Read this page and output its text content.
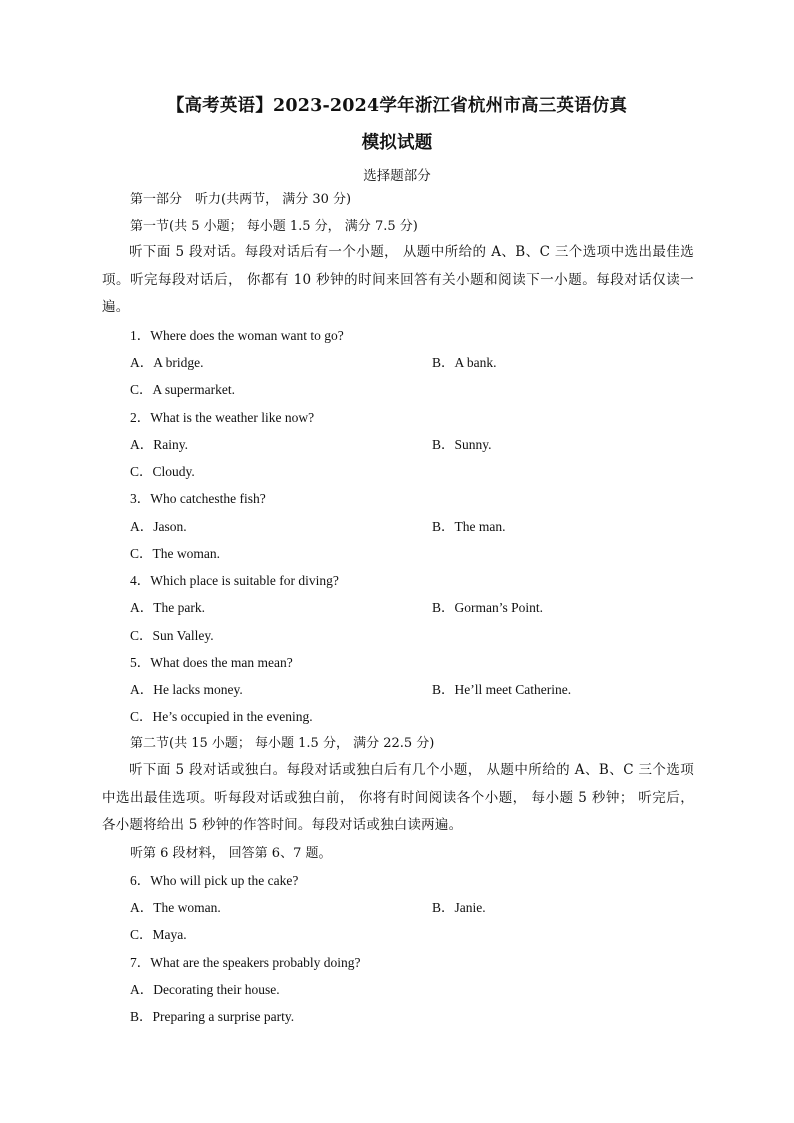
【高考英语】2023-2024学年浙江省杭州市高三英语仿真
模拟试题
选择题部分
第一部分　听力(共两节， 满分 30 分)
第一节(共 5 小题； 每小题 1.5 分， 满分 7.5 分)
听下面 5 段对话。每段对话后有一个小题， 从题中所给的 A、B、C 三个选项中选出最佳选项。听完每段对话后， 你都有 10 秒钟的时间来回答有关小题和阅读下一小题。每段对话仅读一遍。
1．Where does the woman want to go?
A．A bridge.	B．A bank.
C．A supermarket.
2．What is the weather like now?
A．Rainy.	B．Sunny.
C．Cloudy.
3．Who catchesthe fish?
A．Jason.	B．The man.
C．The woman.
4．Which place is suitable for diving?
A．The park.	B．Gorman’s Point.
C．Sun Valley.
5．What does the man mean?
A．He lacks money.	B．He’ll meet Catherine.
C．He’s occupied in the evening.
第二节(共 15 小题； 每小题 1.5 分， 满分 22.5 分)
听下面 5 段对话或独白。每段对话或独白后有几个小题， 从题中所给的 A、B、C 三个选项中选出最佳选项。听每段对话或独白前， 你将有时间阅读各个小题， 每小题 5 秒钟； 听完后， 各小题将给出 5 秒钟的作答时间。每段对话或独白读两遍。
听第 6 段材料， 回答第 6、7 题。
6．Who will pick up the cake?
A．The woman.	B．Janie.
C．Maya.
7．What are the speakers probably doing?
A．Decorating their house.
B．Preparing a surprise party.
